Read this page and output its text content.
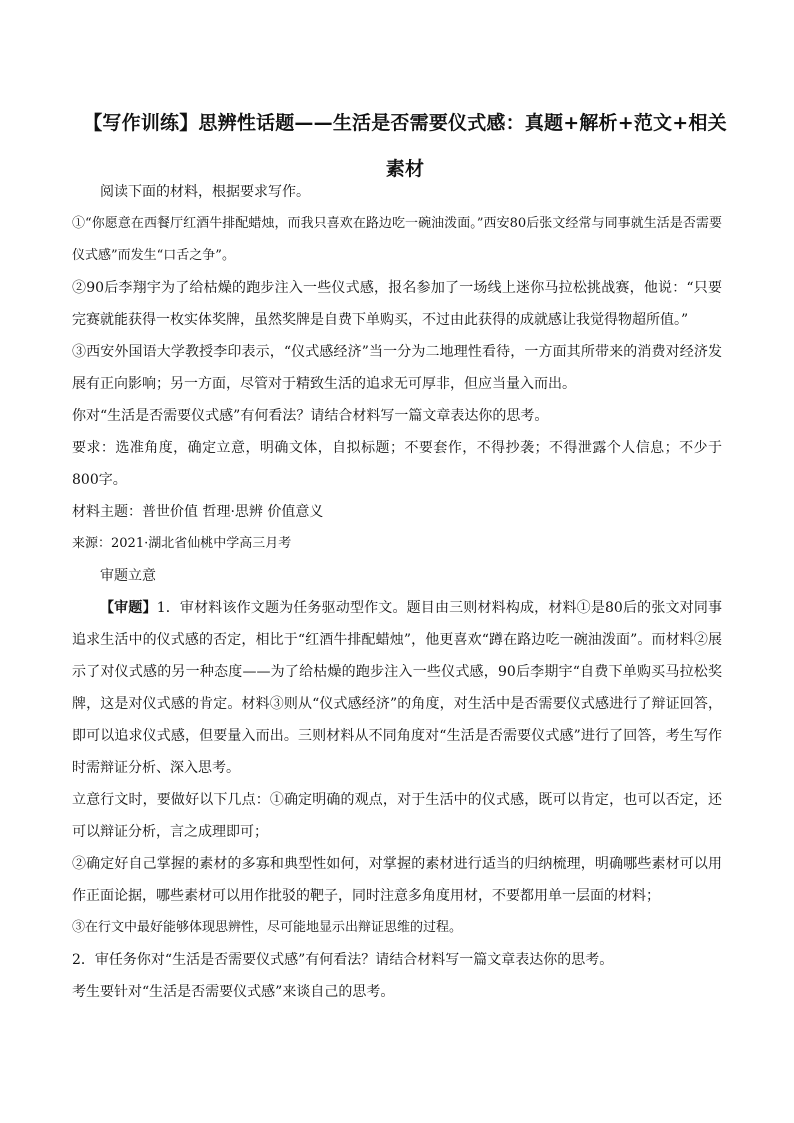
【写作训练】思辨性话题——生活是否需要仪式感：真题+解析+范文+相关
素材

阅读下面的材料，根据要求写作。

①“你愿意在西餐厅红酒牛排配蜡烛，而我只喜欢在路边吃一碗油泼面。”西安80后张文经常与同事就生活是否需要仪式感”而发生“口舌之争”。

②90后李翔宇为了给枯燥的跑步注入一些仪式感，报名参加了一场线上迷你马拉松挑战赛，他说：“只要完赛就能获得一枚实体奖牌，虽然奖牌是自费下单购买，不过由此获得的成就感让我觉得物超所值。”

③西安外国语大学教授李印表示，“仪式感经济”当一分为二地理性看待，一方面其所带来的消费对经济发展有正向影响；另一方面，尽管对于精致生活的追求无可厚非，但应当量入而出。

你对“生活是否需要仪式感”有何看法？请结合材料写一篇文章表达你的思考。

要求：选准角度，确定立意，明确文体，自拟标题；不要套作，不得抄袭；不得泄露个人信息；不少于800字。

材料主题：普世价值 哲理·思辨 价值意义

来源：2021·湖北省仙桃中学高三月考

审题立意

【审题】1．审材料该作文题为任务驱动型作文。题目由三则材料构成，材料①是80后的张文对同事追求生活中的仪式感的否定，相比于“红酒牛排配蜡烛”，他更喜欢“蹲在路边吃一碗油泼面”。而材料②展示了对仪式感的另一种态度——为了给枯燥的跑步注入一些仪式感，90后李期宇“自费下单购买马拉松奖牌，这是对仪式感的肯定。材料③则从“仪式感经济”的角度，对生活中是否需要仪式感进行了辩证回答，即可以追求仪式感，但要量入而出。三则材料从不同角度对“生活是否需要仪式感”进行了回答，考生写作时需辩证分析、深入思考。

立意行文时，要做好以下几点：①确定明确的观点，对于生活中的仪式感，既可以肯定，也可以否定，还可以辩证分析，言之成理即可；

②确定好自己掌握的素材的多寡和典型性如何，对掌握的素材进行适当的归纳梳理，明确哪些素材可以用作正面论据，哪些素材可以用作批驳的靶子，同时注意多角度用材，不要都用单一层面的材料；

③在行文中最好能够体现思辨性，尽可能地显示出辩证思维的过程。

2．审任务你对“生活是否需要仪式感”有何看法？请结合材料写一篇文章表达你的思考。

考生要针对“生活是否需要仪式感”来谈自己的思考。
